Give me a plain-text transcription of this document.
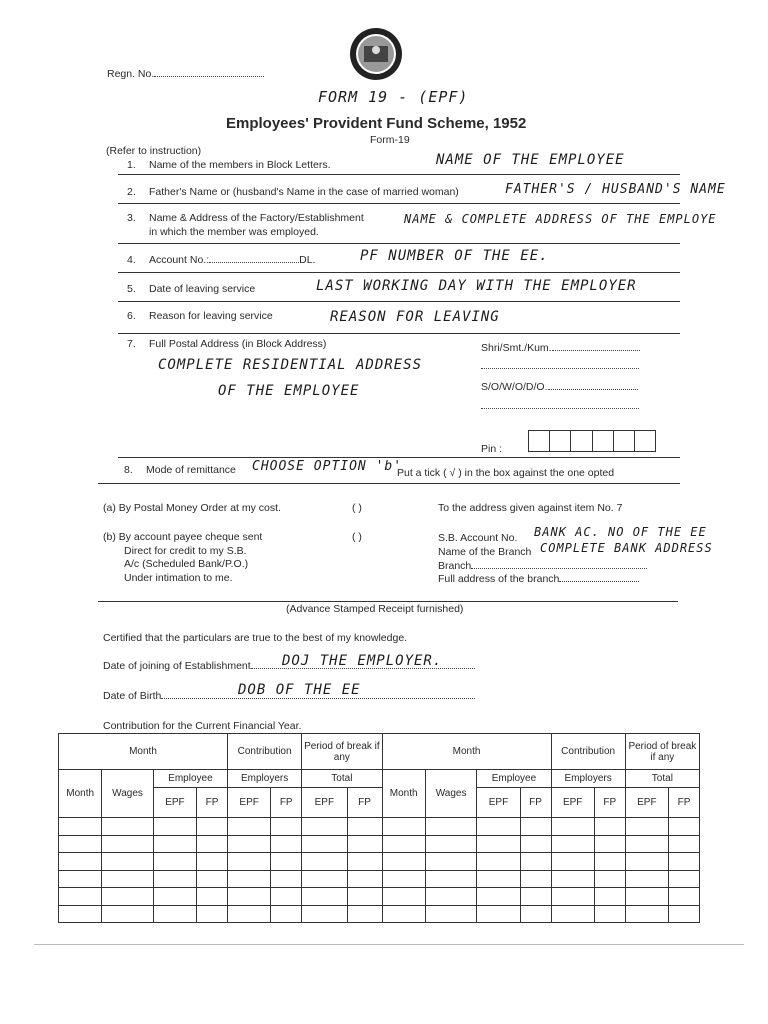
Regn. No.
FORM 19 - (EPF)
Employees' Provident Fund Scheme, 1952
Form-19
(Refer to instruction)
1. Name of the members in Block Letters.	NAME OF THE EMPLOYEE
2. Father's Name or (husband's Name in the case of married woman)	FATHER'S / HUSBAND'S NAME
3. Name & Address of the Factory/Establishment
in which the member was employed.
NAME & COMPLETE ADDRESS OF THE EMPLOYE
4. Account No.:	DL.	PF NUMBER OF THE EE.
5. Date of leaving service	LAST WORKING DAY WITH THE EMPLOYER
6. Reason for leaving service	REASON FOR LEAVING
7. Full Postal Address (in Block Address)
COMPLETE RESIDENTIAL ADDRESS
OF THE EMPLOYEE
Shri/Smt./Kum.
S/O/W/O/D/O.
Pin :
8. Mode of remittance CHOOSE OPTION 'b'
Put a tick ( √ ) in the box against the one opted
(a) By Postal Money Order at my cost.	( )	To the address given against item No. 7
(b) By account payee cheque sent
Direct for credit to my S.B.
A/c (Scheduled Bank/P.O.)
Under intimation to me.
( )	S.B. Account No. BANK AC. NO OF THE EE
Name of the Branch COMPLETE BANK ADDRESS
Branch
Full address of the branch
(Advance Stamped Receipt furnished)
Certified that the particulars are true to the best of my knowledge.
Date of joining of Establishment	DOJ THE EMPLOYER.
Date of Birth	DOB OF THE EE
Contribution for the Current Financial Year.
Month				Contribution		Period of break if any		Month				Contribution		Period of break if any	
Month	Wages	Employee		Employers		Total		Month	Wages	Employee		Employers		Total	
		EPF	FP	EPF	FP	EPF	FP			EPF	FP	EPF	FP	EPF	FP
